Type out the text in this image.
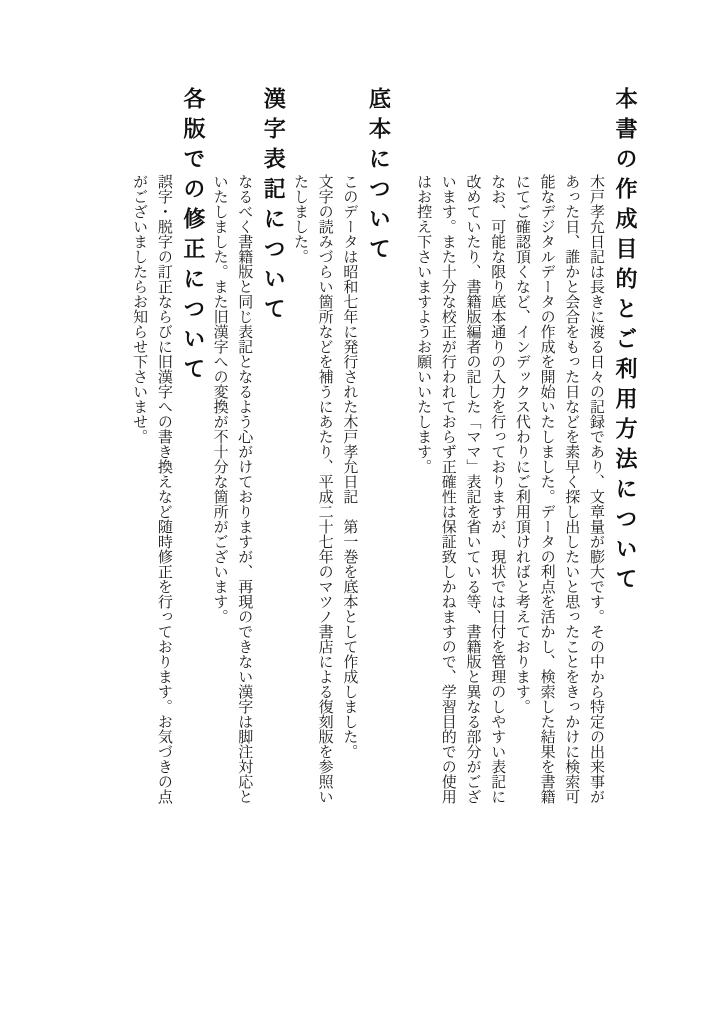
本書の作成目的とご利用方法について

木戸孝允日記は長きに渡る日々の記録であり、文章量が膨大です。その中から特定の出来事があった日、誰かと会合をもった日などを素早く探し出したいと思ったことをきっかけに検索可能なデジタルデータの作成を開始いたしました。データの利点を活かし、検索した結果を書籍にてご確認頂くなど、インデックス代わりにご利用頂ければと考えております。

なお、可能な限り底本通りの入力を行っておりますが、現状では日付を管理のしやすい表記に改めていたり、書籍版編者の記した「ママ」表記を省いている等、書籍版と異なる部分がございます。また十分な校正が行われておらず正確性は保証致しかねますので、学習目的での使用はお控え下さいますようお願いいたします。

底本について

このデータは昭和七年に発行された木戸孝允日記　第一巻を底本として作成しました。

文字の読みづらい箇所などを補うにあたり、平成二十七年のマツノ書店による復刻版を参照いたしました。

漢字表記について

なるべく書籍版と同じ表記となるよう心がけておりますが、再現のできない漢字は脚注対応といたしました。また旧漢字への変換が不十分な箇所がございます。

各版での修正について

誤字・脱字の訂正ならびに旧漢字への書き換えなど随時修正を行っております。お気づきの点がございましたらお知らせ下さいませ。
